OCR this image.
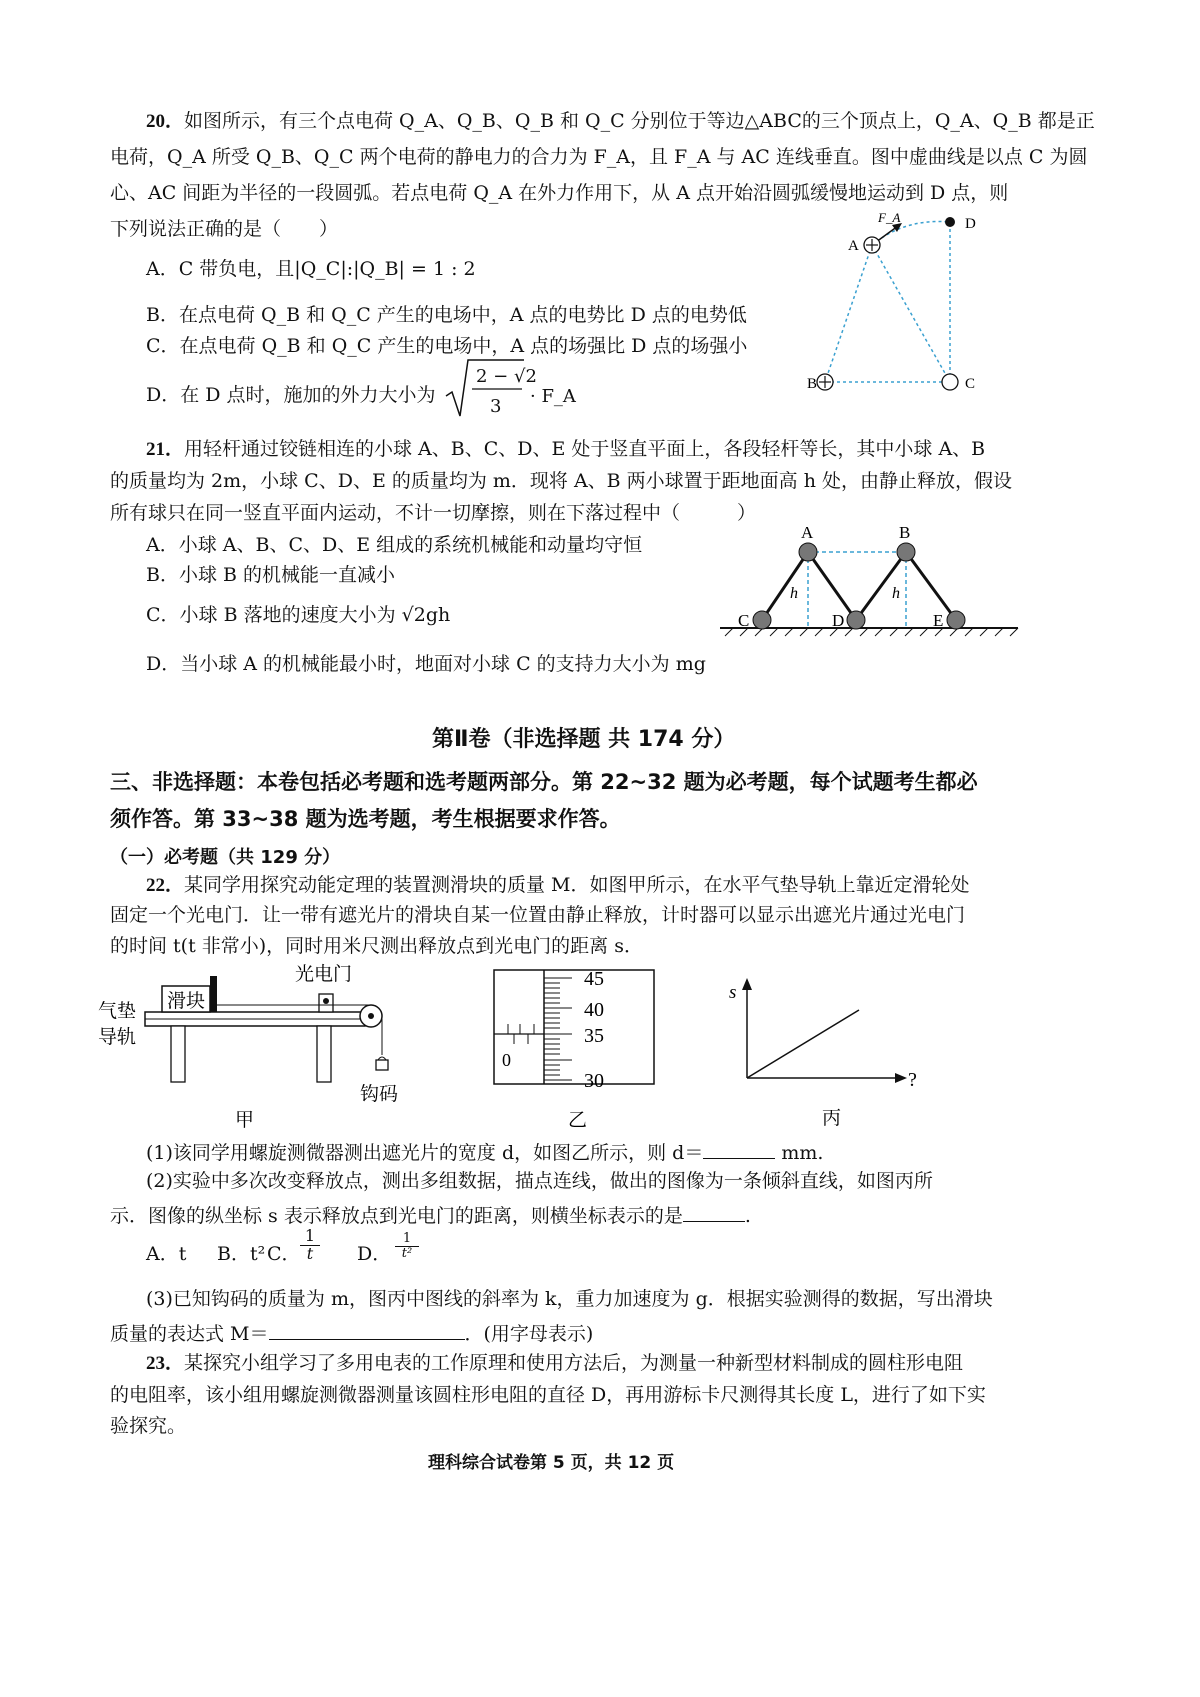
20．如图所示，有三个点电荷 Q_A、Q_B、Q_B 和 Q_C 分别位于等边△ABC的三个顶点上，Q_A、Q_B 都是正
电荷，Q_A 所受 Q_B、Q_C 两个电荷的静电力的合力为 F_A，且 F_A 与 AC 连线垂直。图中虚曲线是以点 C 为圆
心、AC 间距为半径的一段圆弧。若点电荷 Q_A 在外力作用下，从 A 点开始沿圆弧缓慢地运动到 D 点，则
下列说法正确的是（　　）
A．C 带负电，且|Q_C|:|Q_B| = 1 : 2
B．在点电荷 Q_B 和 Q_C 产生的电场中，A 点的电势比 D 点的电势低
C．在点电荷 Q_B 和 Q_C 产生的电场中，A 点的场强比 D 点的场强小
D．在 D 点时，施加的外力大小为
2 − √2
3 · F_A
A
B	C
D
F_A
21．用轻杆通过铰链相连的小球 A、B、C、D、E 处于竖直平面上，各段轻杆等长，其中小球 A、B
的质量均为 2m，小球 C、D、E 的质量均为 m．现将 A、B 两小球置于距地面高 h 处，由静止释放，假设
所有球只在同一竖直平面内运动，不计一切摩擦，则在下落过程中（　　　）
A．小球 A、B、C、D、E 组成的系统机械能和动量均守恒
B．小球 B 的机械能一直减小
C．小球 B 落地的速度大小为 √2gh
D．当小球 A 的机械能最小时，地面对小球 C 的支持力大小为 mg
A	B
C	D	E
h	h
第Ⅱ卷（非选择题 共 174 分）
三、非选择题：本卷包括必考题和选考题两部分。第 22~32 题为必考题，每个试题考生都必
须作答。第 33~38 题为选考题，考生根据要求作答。
（一）必考题（共 129 分）
22．某同学用探究动能定理的装置测滑块的质量 M．如图甲所示，在水平气垫导轨上靠近定滑轮处
固定一个光电门．让一带有遮光片的滑块自某一位置由静止释放，计时器可以显示出遮光片通过光电门
的时间 t(t 非常小)，同时用米尺测出释放点到光电门的距离 s．
滑块
光电门
气垫
导轨
钩码
甲
45
40
35
30
0
乙
s
?
丙
(1)该同学用螺旋测微器测出遮光片的宽度 d，如图乙所示，则 d＝	mm.
(2)实验中多次改变释放点，测出多组数据，描点连线，做出的图像为一条倾斜直线，如图丙所
示．图像的纵坐标 s 表示释放点到光电门的距离，则横坐标表示的是	.
A．t B．t² C．
1
t	D．
1
t²
(3)已知钩码的质量为 m，图丙中图线的斜率为 k，重力加速度为 g．根据实验测得的数据，写出滑块
质量的表达式 M＝	．(用字母表示)
23．某探究小组学习了多用电表的工作原理和使用方法后，为测量一种新型材料制成的圆柱形电阻
的电阻率，该小组用螺旋测微器测量该圆柱形电阻的直径 D，再用游标卡尺测得其长度 L，进行了如下实
验探究。
理科综合试卷第 5 页，共 12 页
